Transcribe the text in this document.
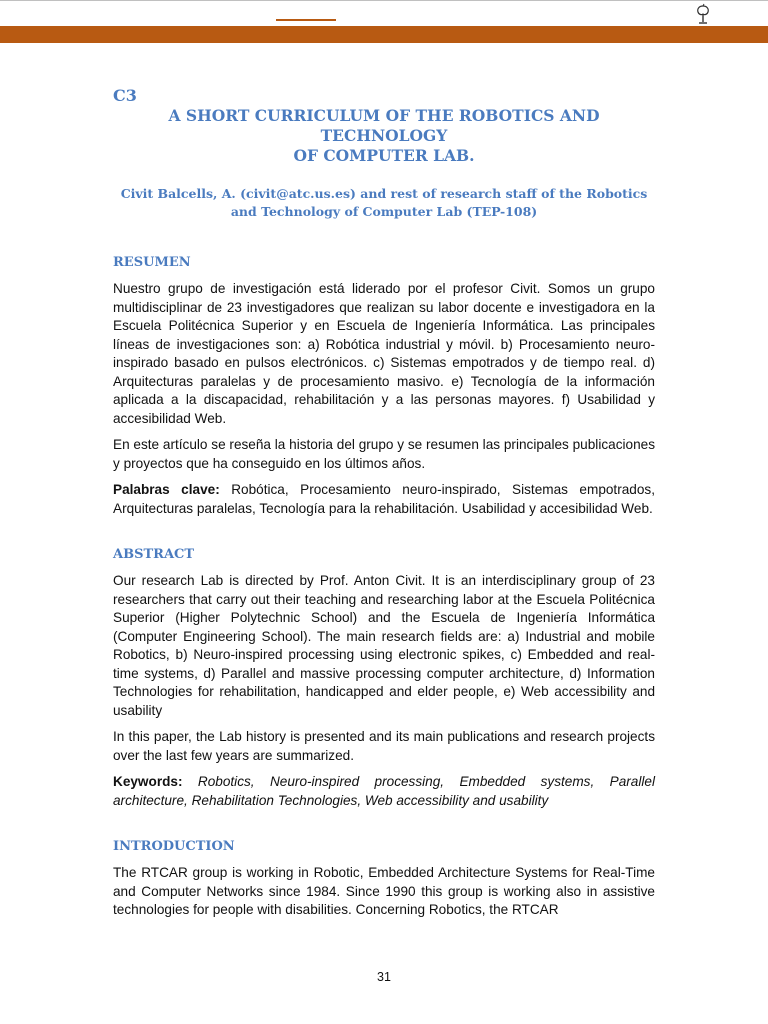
C3

A SHORT CURRICULUM OF THE ROBOTICS AND TECHNOLOGY
OF COMPUTER LAB.

Civit Balcells, A. (civit@atc.us.es) and rest of research staff of the Robotics
and Technology of Computer Lab (TEP-108)

RESUMEN

Nuestro grupo de investigación está liderado por el profesor Civit. Somos un grupo multidisciplinar de 23 investigadores que realizan su labor docente e investigadora en la Escuela Politécnica Superior y en Escuela de Ingeniería Informática. Las principales líneas de investigaciones son: a) Robótica industrial y móvil. b) Procesamiento neuro-inspirado basado en pulsos electrónicos. c) Sistemas empotrados y de tiempo real. d) Arquitecturas paralelas y de procesamiento masivo. e) Tecnología de la información aplicada a la discapacidad, rehabilitación y a las personas mayores. f) Usabilidad y accesibilidad Web.

En este artículo se reseña la historia del grupo y se resumen las principales publicaciones y proyectos que ha conseguido en los últimos años.

Palabras clave: Robótica, Procesamiento neuro-inspirado, Sistemas empotrados, Arquitecturas paralelas, Tecnología para la rehabilitación. Usabilidad y accesibilidad Web.

ABSTRACT

Our research Lab is directed by Prof. Anton Civit. It is an interdisciplinary group of 23 researchers that carry out their teaching and researching labor at the Escuela Politécnica Superior (Higher Polytechnic School) and the Escuela de Ingeniería Informática (Computer Engineering School). The main research fields are: a) Industrial and mobile Robotics, b) Neuro-inspired processing using electronic spikes, c) Embedded and real-time systems, d) Parallel and massive processing computer architecture, d) Information Technologies for rehabilitation, handicapped and elder people, e) Web accessibility and usability

In this paper, the Lab history is presented and its main publications and research projects over the last few years are summarized.

Keywords: Robotics, Neuro-inspired processing, Embedded systems, Parallel architecture, Rehabilitation Technologies, Web accessibility and usability

INTRODUCTION

The RTCAR group is working in Robotic, Embedded Architecture Systems for Real-Time and Computer Networks since 1984. Since 1990 this group is working also in assistive technologies for people with disabilities. Concerning Robotics, the RTCAR

31
